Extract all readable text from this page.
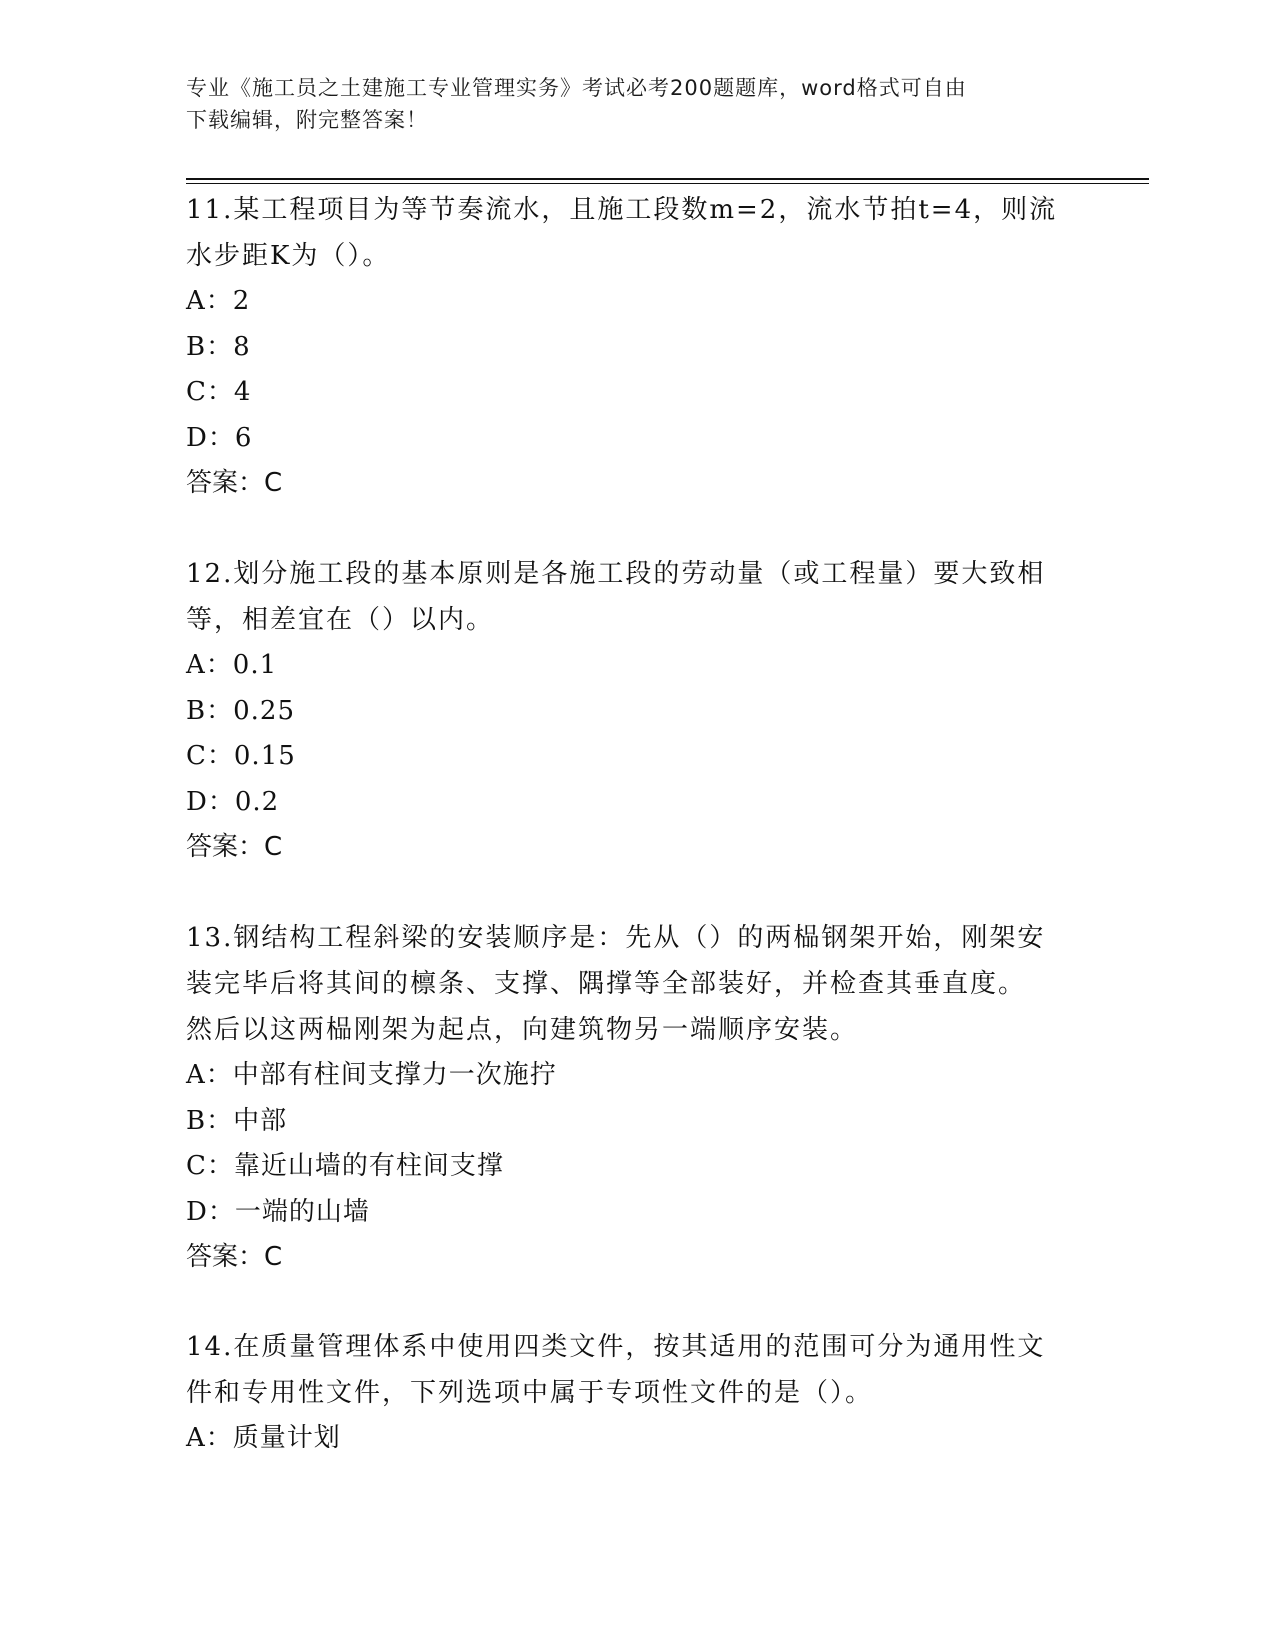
专业《施工员之土建施工专业管理实务》考试必考200题题库，word格式可自由
下载编辑，附完整答案！
11.某工程项目为等节奏流水，且施工段数m=2，流水节拍t=4，则流
水步距K为（）。
A：2
B：8
C：4
D：6
答案：C
12.划分施工段的基本原则是各施工段的劳动量（或工程量）要大致相
等，相差宜在（）以内。
A：0.1
B：0.25
C：0.15
D：0.2
答案：C
13.钢结构工程斜梁的安装顺序是：先从（）的两榀钢架开始，刚架安
装完毕后将其间的檩条、支撑、隅撑等全部装好，并检查其垂直度。
然后以这两榀刚架为起点，向建筑物另一端顺序安装。
A：中部有柱间支撑力一次施拧
B：中部
C：靠近山墙的有柱间支撑
D：一端的山墙
答案：C
14.在质量管理体系中使用四类文件，按其适用的范围可分为通用性文
件和专用性文件，下列选项中属于专项性文件的是（）。
A：质量计划
